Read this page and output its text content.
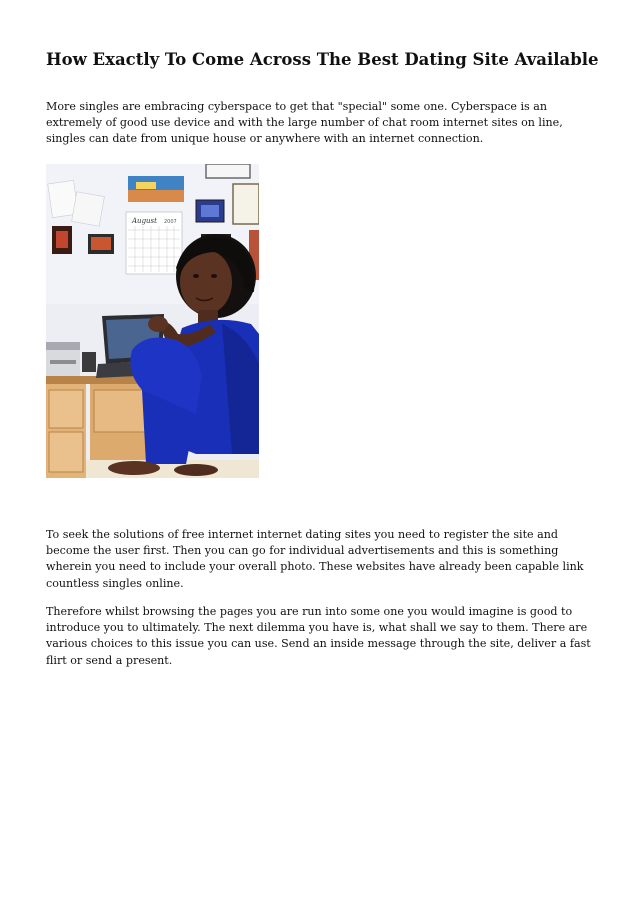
How Exactly To Come Across The Best Dating Site Available

More singles are embracing cyberspace to get that "special" some one. Cyberspace is an extremely of good use device and with the large number of chat room internet sites on line, singles can date from unique house or anywhere with an internet connection.

August 2007

To seek the solutions of free internet internet dating sites you need to register the site and become the user first. Then you can go for individual advertisements and this is something wherein you need to include your overall photo. These websites have already been capable link countless singles online.

Therefore whilst browsing the pages you are run into some one you would imagine is good to introduce you to ultimately. The next dilemma you have is, what shall we say to them. There are various choices to this issue you can use. Send an inside message through the site, deliver a fast flirt or send a present.
